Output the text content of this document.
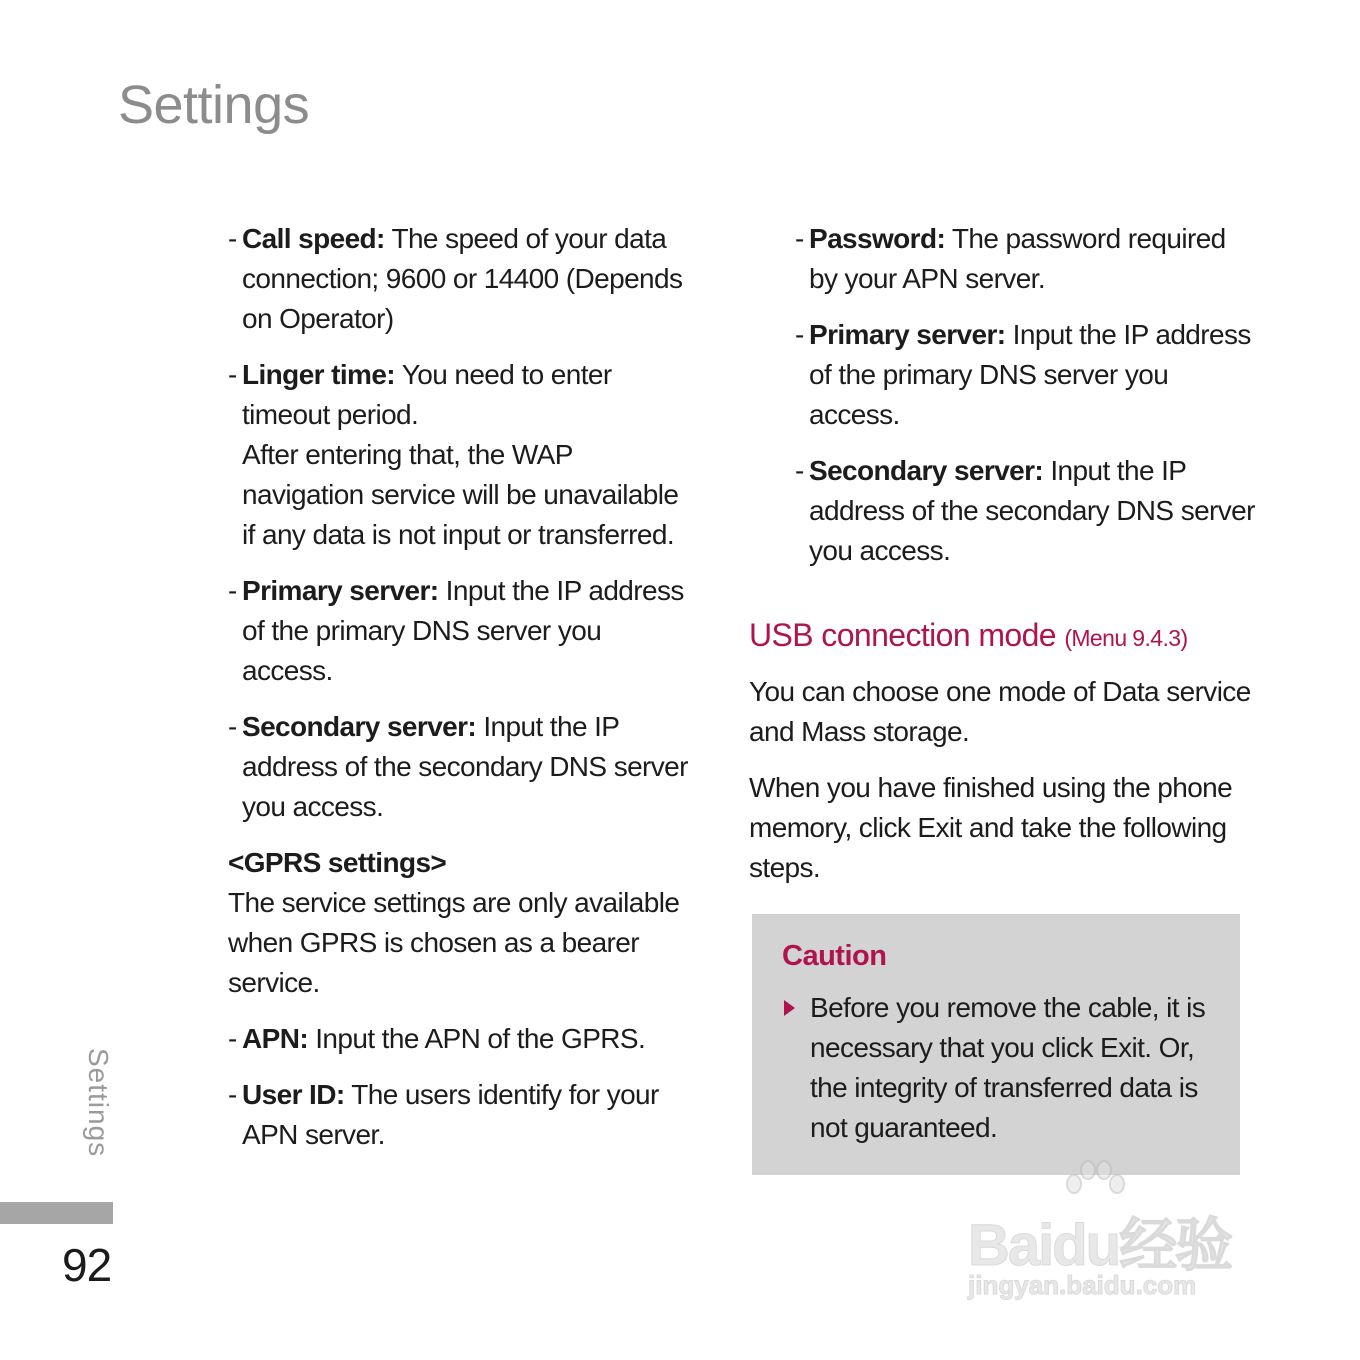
Settings
- Call speed: The speed of your data connection; 9600 or 14400 (Depends on Operator)
- Linger time: You need to enter timeout period.
After entering that, the WAP navigation service will be unavailable if any data is not input or transferred.
- Primary server: Input the IP address of the primary DNS server you access.
- Secondary server: Input the IP address of the secondary DNS server you access.
<GPRS settings>
The service settings are only available when GPRS is chosen as a bearer service.
- APN: Input the APN of the GPRS.
- User ID: The users identify for your APN server.
- Password: The password required by your APN server.
- Primary server: Input the IP address of the primary DNS server you access.
- Secondary server: Input the IP address of the secondary DNS server you access.
USB connection mode (Menu 9.4.3)
You can choose one mode of Data service and Mass storage.
When you have finished using the phone memory, click Exit and take the following steps.
Caution
Before you remove the cable, it is necessary that you click Exit. Or, the integrity of transferred data is not guaranteed.
Settings
92	Baidu经验
jingyan.baidu.com
